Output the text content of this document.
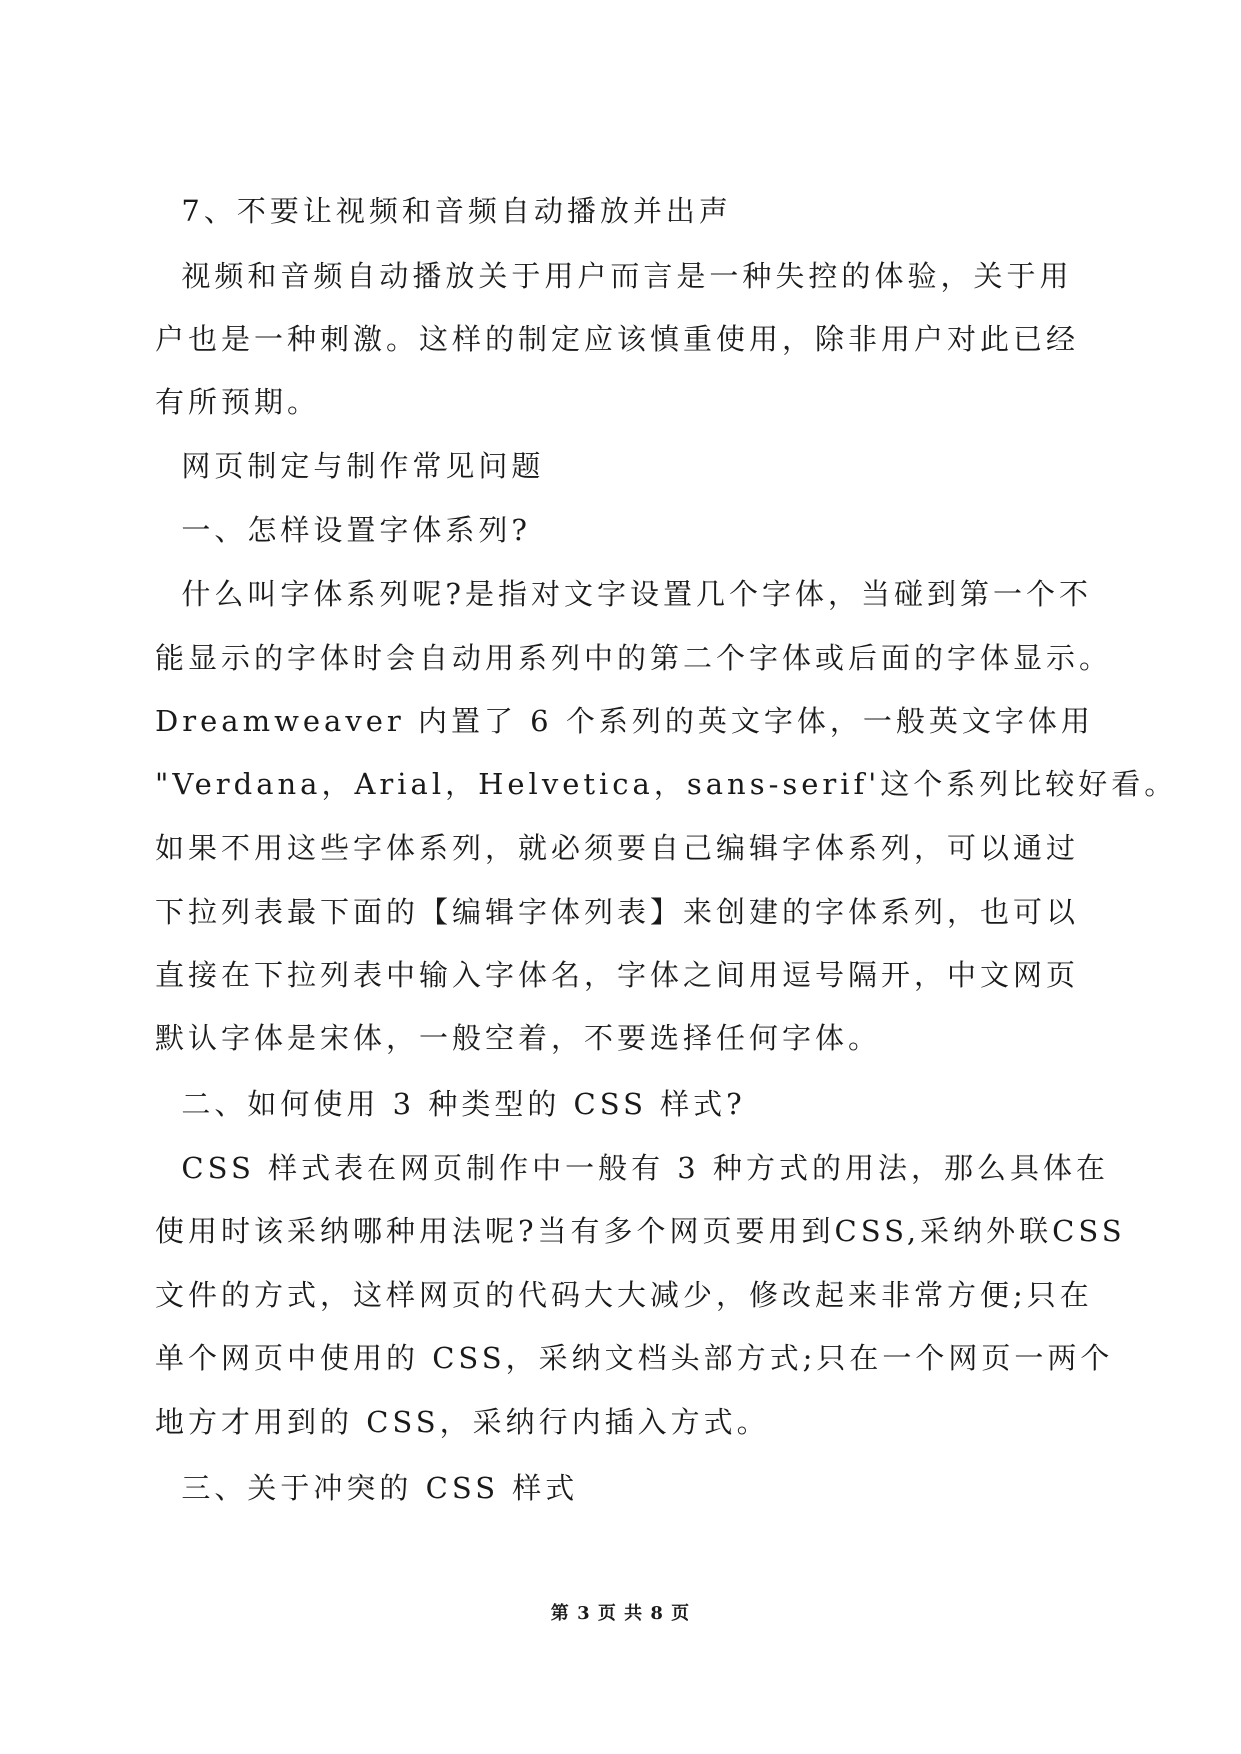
7、不要让视频和音频自动播放并出声
视频和音频自动播放关于用户而言是一种失控的体验，关于用
户也是一种刺激。这样的制定应该慎重使用，除非用户对此已经
有所预期。
网页制定与制作常见问题
一、怎样设置字体系列?
什么叫字体系列呢?是指对文字设置几个字体，当碰到第一个不
能显示的字体时会自动用系列中的第二个字体或后面的字体显示。
Dreamweaver 内置了 6 个系列的英文字体，一般英文字体用
"Verdana，Arial，Helvetica，sans-serif'这个系列比较好看。
如果不用这些字体系列，就必须要自己编辑字体系列，可以通过
下拉列表最下面的【编辑字体列表】来创建的字体系列，也可以
直接在下拉列表中输入字体名，字体之间用逗号隔开，中文网页
默认字体是宋体，一般空着，不要选择任何字体。
二、如何使用 3 种类型的 CSS 样式?
CSS 样式表在网页制作中一般有 3 种方式的用法，那么具体在
使用时该采纳哪种用法呢?当有多个网页要用到CSS,采纳外联CSS
文件的方式，这样网页的代码大大减少，修改起来非常方便;只在
单个网页中使用的 CSS，采纳文档头部方式;只在一个网页一两个
地方才用到的 CSS，采纳行内插入方式。
三、关于冲突的 CSS 样式
第 3 页 共 8 页
